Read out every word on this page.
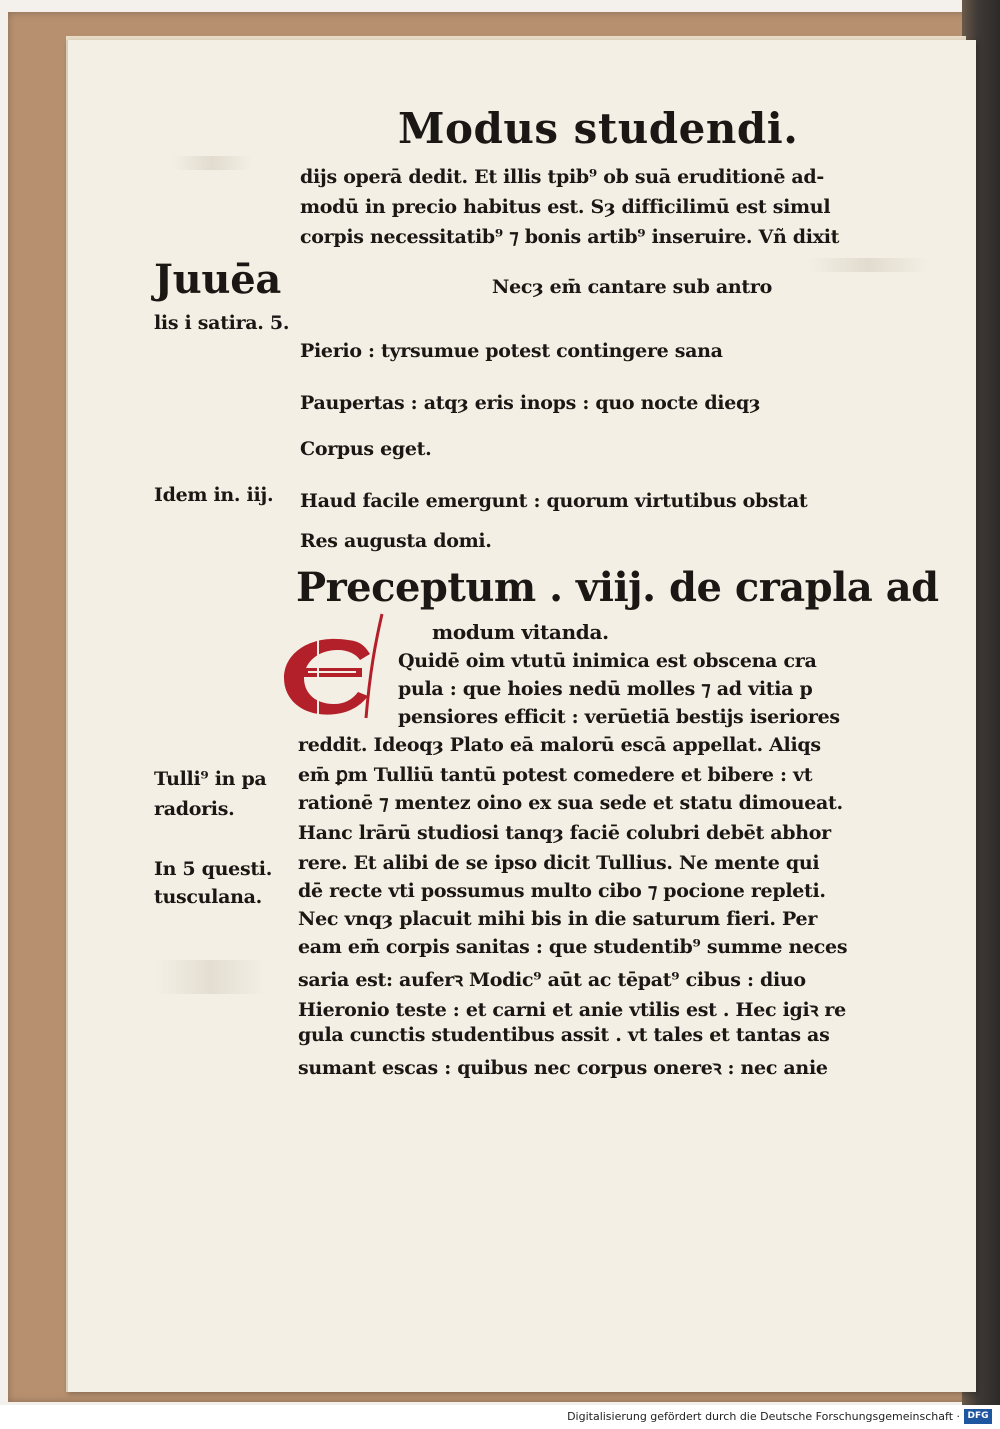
Modus studendi.
dijs operā dedit. Et illis tpib⁹ ob suā eruditionē ad-
modū in precio habitus est. Sȝ difficilimū est simul
corpis necessitatib⁹ ⁊ bonis artib⁹ inseruire. Vñ dixit
Necȝ em̄ cantare sub antro
Pierio : tyrsumue potest contingere sana
Paupertas : atqȝ eris inops : quo nocte dieqȝ
Corpus eget.
Haud facile emergunt : quorum virtutibus obstat
Res augusta domi.
Preceptum . viij. de crapla ad
modum vitanda.
Quidē oim vtutū inimica est obscena cra
pula : que hoies nedū molles ⁊ ad vitia p
pensiores efficit : verūetiā bestijs iseriores
reddit. Ideoqȝ Plato eā malorū escā appellat. Aliqs
em̄ ꝑm Tulliū tantū potest comedere et bibere : vt
rationē ⁊ mentez oino ex sua sede et statu dimoueat.
Hanc lrārū studiosi tanqȝ faciē colubri debēt abhor
rere. Et alibi de se ipso dicit Tullius. Ne mente qui
dē recte vti possumus multo cibo ⁊ pocione repleti.
Nec vnqȝ placuit mihi bis in die saturum fieri. Per
eam em̄ corpis sanitas : que studentib⁹ summe neces
saria est: auferꝛ Modic⁹ aūt ac tēpat⁹ cibus : diuo
Hieronio teste : et carni et anie vtilis est . Hec igiꝛ re
gula cunctis studentibus assit . vt tales et tantas as
sumant escas : quibus nec corpus onereꝛ : nec anie
Juuēa
lis i satira. 5.
Idem in. iij.
Tulli⁹ in pa
radoris.
In 5 questi.
tusculana.
Digitalisierung gefördert durch die Deutsche Forschungsgemeinschaft · DFG
